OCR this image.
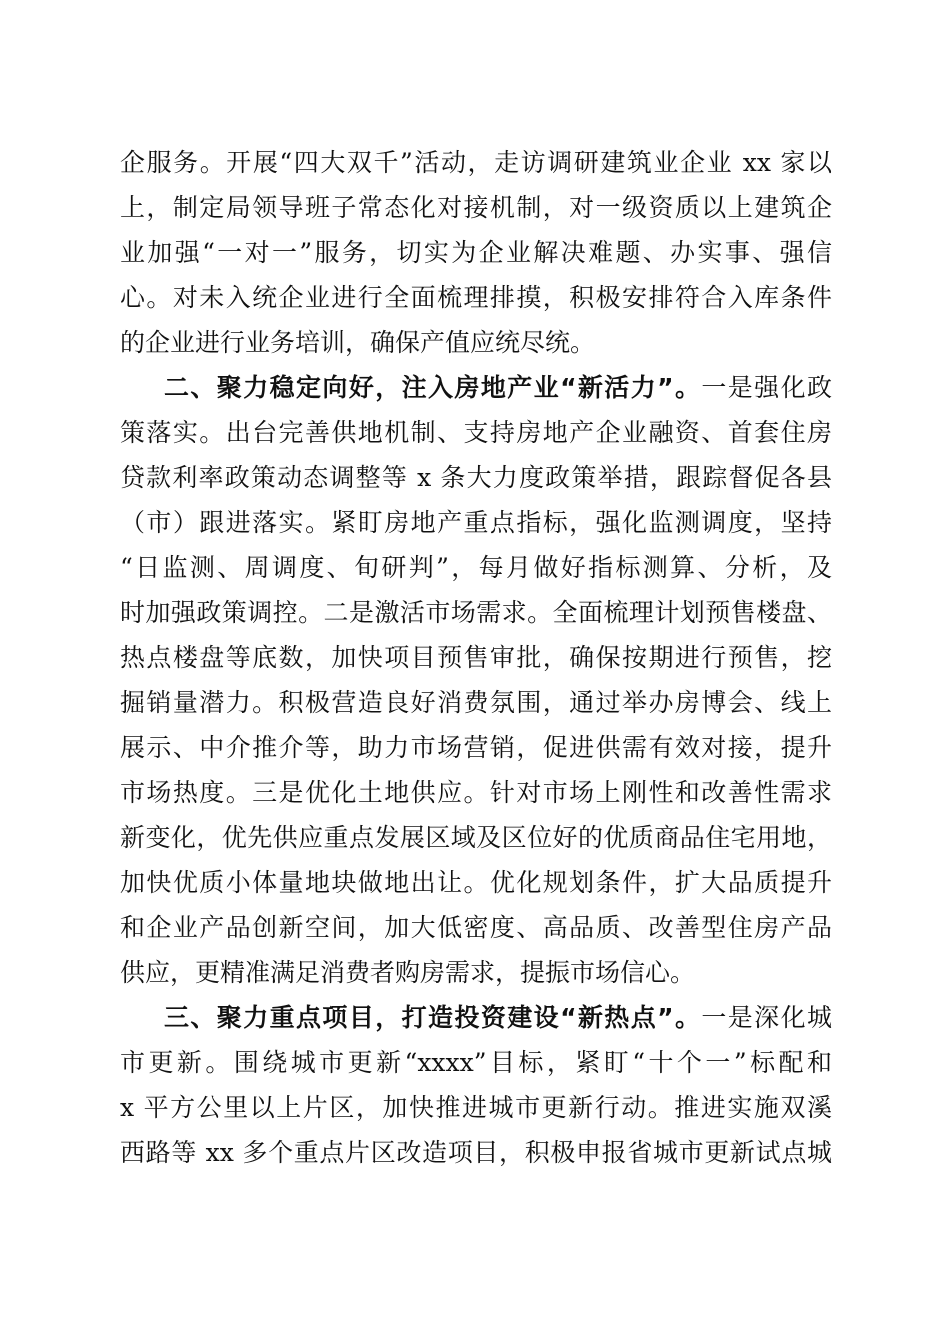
企服务。开展“四大双千”活动，走访调研建筑业企业 xx 家以
上，制定局领导班子常态化对接机制，对一级资质以上建筑企
业加强“一对一”服务，切实为企业解决难题、办实事、强信
心。对未入统企业进行全面梳理排摸，积极安排符合入库条件
的企业进行业务培训，确保产值应统尽统。
二、聚力稳定向好，注入房地产业“新活力”。一是强化政
策落实。出台完善供地机制、支持房地产企业融资、首套住房
贷款利率政策动态调整等 x 条大力度政策举措，跟踪督促各县
（市）跟进落实。紧盯房地产重点指标，强化监测调度，坚持
“日监测、周调度、旬研判”，每月做好指标测算、分析，及
时加强政策调控。二是激活市场需求。全面梳理计划预售楼盘、
热点楼盘等底数，加快项目预售审批，确保按期进行预售，挖
掘销量潜力。积极营造良好消费氛围，通过举办房博会、线上
展示、中介推介等，助力市场营销，促进供需有效对接，提升
市场热度。三是优化土地供应。针对市场上刚性和改善性需求
新变化，优先供应重点发展区域及区位好的优质商品住宅用地，
加快优质小体量地块做地出让。优化规划条件，扩大品质提升
和企业产品创新空间，加大低密度、高品质、改善型住房产品
供应，更精准满足消费者购房需求，提振市场信心。
三、聚力重点项目，打造投资建设“新热点”。一是深化城
市更新。围绕城市更新“xxxx”目标，紧盯“十个一”标配和
x 平方公里以上片区，加快推进城市更新行动。推进实施双溪
西路等 xx 多个重点片区改造项目，积极申报省城市更新试点城
